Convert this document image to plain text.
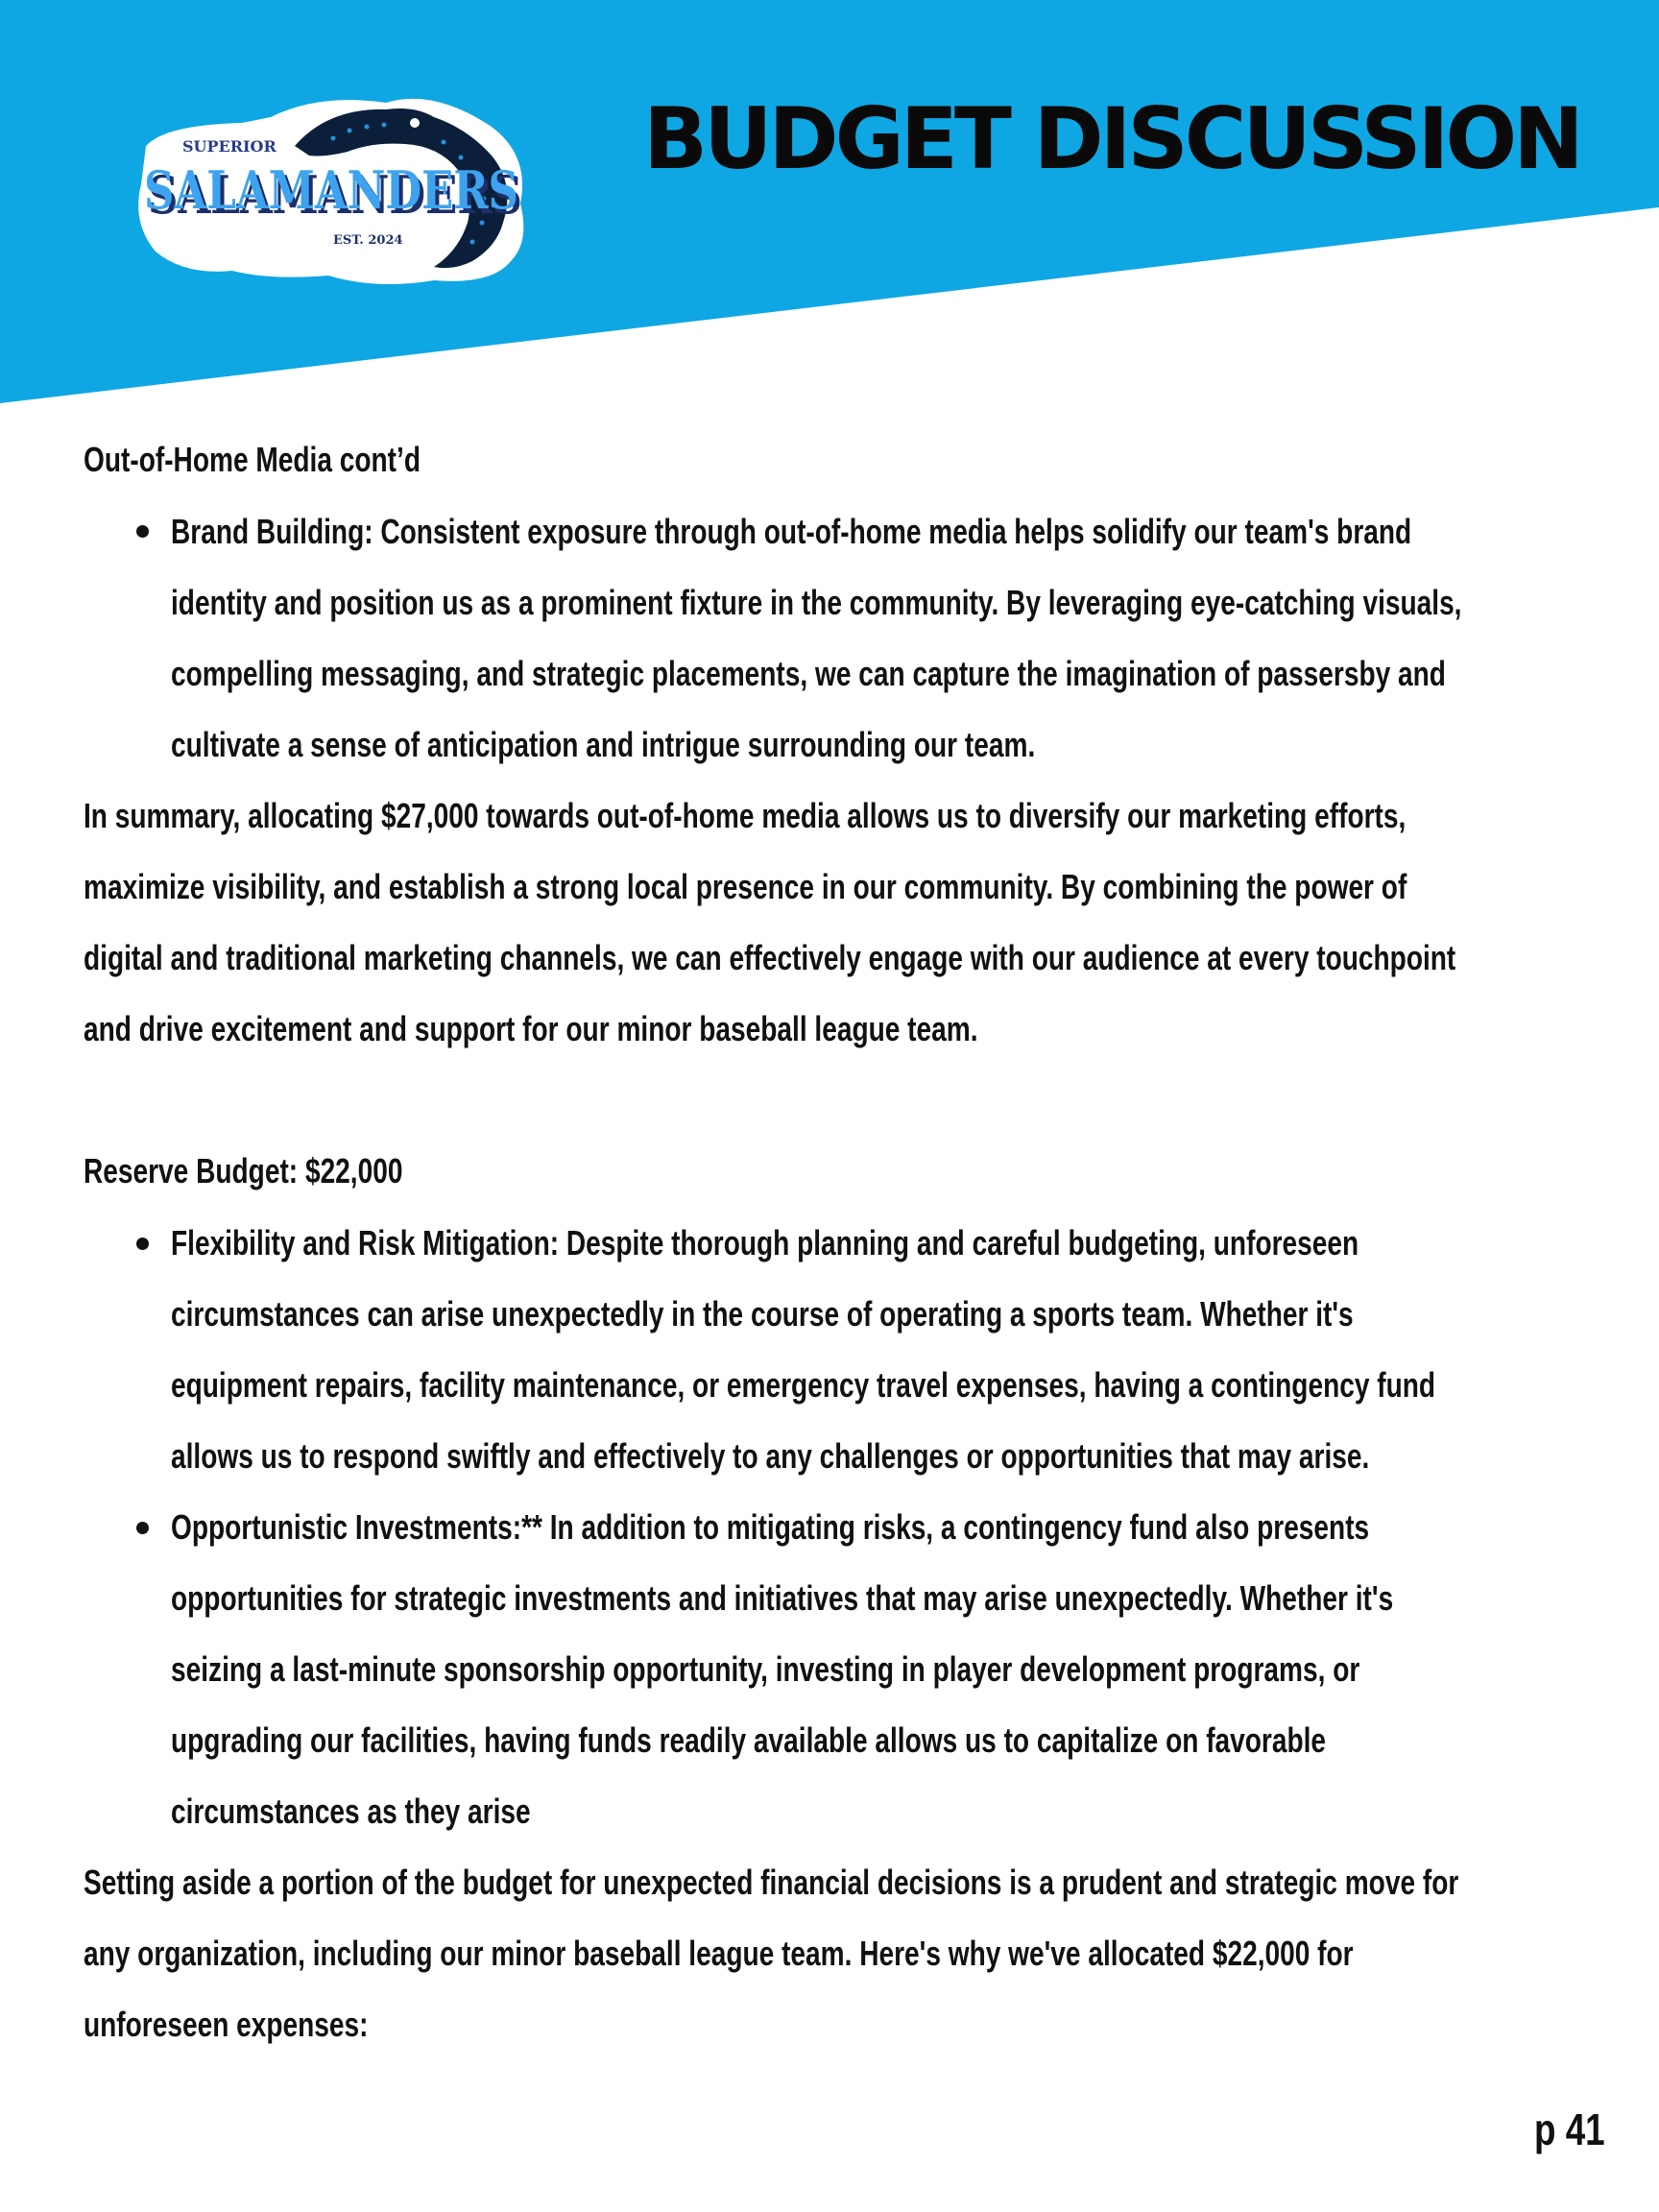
SUPERIOR
SALAMANDERS
SALAMANDERS
EST. 2024
BUDGET DISCUSSION
Out-of-Home Media cont’d
Brand Building: Consistent exposure through out-of-home media helps solidify our team's brand
identity and position us as a prominent fixture in the community. By leveraging eye-catching visuals,
compelling messaging, and strategic placements, we can capture the imagination of passersby and
cultivate a sense of anticipation and intrigue surrounding our team.
In summary, allocating $27,000 towards out-of-home media allows us to diversify our marketing efforts,
maximize visibility, and establish a strong local presence in our community. By combining the power of
digital and traditional marketing channels, we can effectively engage with our audience at every touchpoint
and drive excitement and support for our minor baseball league team.
Reserve Budget: $22,000
Flexibility and Risk Mitigation: Despite thorough planning and careful budgeting, unforeseen
circumstances can arise unexpectedly in the course of operating a sports team. Whether it's
equipment repairs, facility maintenance, or emergency travel expenses, having a contingency fund
allows us to respond swiftly and effectively to any challenges or opportunities that may arise.
Opportunistic Investments:** In addition to mitigating risks, a contingency fund also presents
opportunities for strategic investments and initiatives that may arise unexpectedly. Whether it's
seizing a last-minute sponsorship opportunity, investing in player development programs, or
upgrading our facilities, having funds readily available allows us to capitalize on favorable
circumstances as they arise
Setting aside a portion of the budget for unexpected financial decisions is a prudent and strategic move for
any organization, including our minor baseball league team. Here's why we've allocated $22,000 for
unforeseen expenses:
p 41
